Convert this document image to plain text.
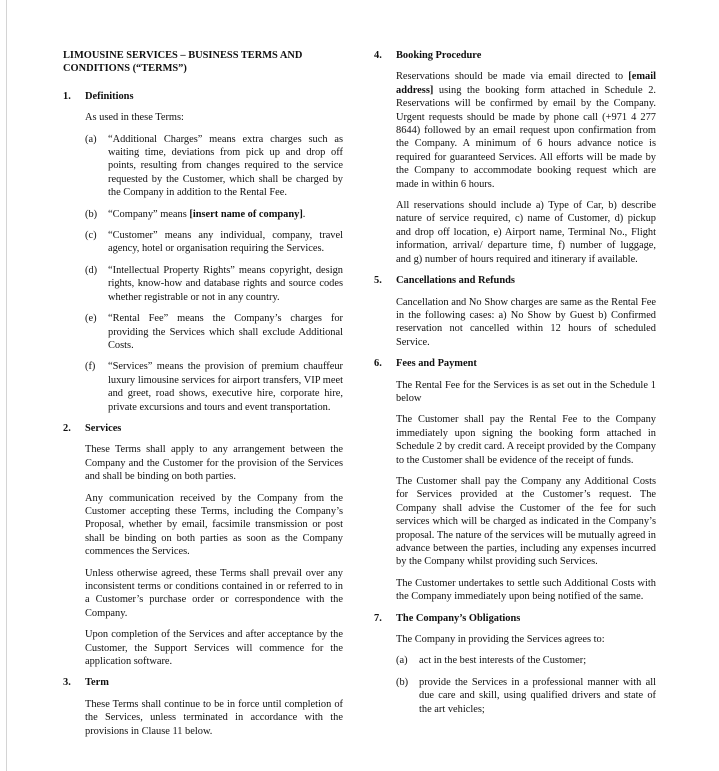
LIMOUSINE SERVICES – BUSINESS TERMS AND CONDITIONS (“TERMS”)
1. Definitions
As used in these Terms:
(a) “Additional Charges” means extra charges such as waiting time, deviations from pick up and drop off points, resulting from changes required to the service requested by the Customer, which shall be charged by the Company in addition to the Rental Fee.
(b) “Company” means [insert name of company].
(c) “Customer” means any individual, company, travel agency, hotel or organisation requiring the Services.
(d) “Intellectual Property Rights” means copyright, design rights, know-how and database rights and source codes whether registrable or not in any country.
(e) “Rental Fee” means the Company’s charges for providing the Services which shall exclude Additional Costs.
(f) “Services” means the provision of premium chauffeur luxury limousine services for airport transfers, VIP meet and greet, road shows, executive hire, corporate hire, private excursions and tours and event transportation.
2. Services
These Terms shall apply to any arrangement between the Company and the Customer for the provision of the Services and shall be binding on both parties.
Any communication received by the Company from the Customer accepting these Terms, including the Company’s Proposal, whether by email, facsimile transmission or post shall be binding on both parties as soon as the Company commences the Services.
Unless otherwise agreed, these Terms shall prevail over any inconsistent terms or conditions contained in or referred to in a Customer’s purchase order or correspondence with the Company.
Upon completion of the Services and after acceptance by the Customer, the Support Services will commence for the application software.
3. Term
These Terms shall continue to be in force until completion of the Services, unless terminated in accordance with the provisions in Clause 11 below.
4. Booking Procedure
Reservations should be made via email directed to [email address] using the booking form attached in Schedule 2. Reservations will be confirmed by email by the Company. Urgent requests should be made by phone call (+971 4 277 8644) followed by an email request upon confirmation from the Company. A minimum of 6 hours advance notice is required for guaranteed Services. All efforts will be made by the Company to accommodate booking request which are made in within 6 hours.
All reservations should include a) Type of Car, b) describe nature of service required, c) name of Customer, d) pickup and drop off location, e) Airport name, Terminal No., Flight information, arrival/ departure time, f) number of luggage, and g) number of hours required and itinerary if available.
5. Cancellations and Refunds
Cancellation and No Show charges are same as the Rental Fee in the following cases: a) No Show by Guest b) Confirmed reservation not cancelled within 12 hours of scheduled Service.
6. Fees and Payment
The Rental Fee for the Services is as set out in the Schedule 1 below
The Customer shall pay the Rental Fee to the Company immediately upon signing the booking form attached in Schedule 2 by credit card. A receipt provided by the Company to the Customer shall be evidence of the receipt of funds.
The Customer shall pay the Company any Additional Costs for Services provided at the Customer’s request. The Company shall advise the Customer of the fee for such services which will be charged as indicated in the Company’s proposal. The nature of the services will be mutually agreed in advance between the parties, including any expenses incurred by the Company whilst providing such Services.
The Customer undertakes to settle such Additional Costs with the Company immediately upon being notified of the same.
7. The Company’s Obligations
The Company in providing the Services agrees to:
(a) act in the best interests of the Customer;
(b) provide the Services in a professional manner with all due care and skill, using qualified drivers and state of the art vehicles;
